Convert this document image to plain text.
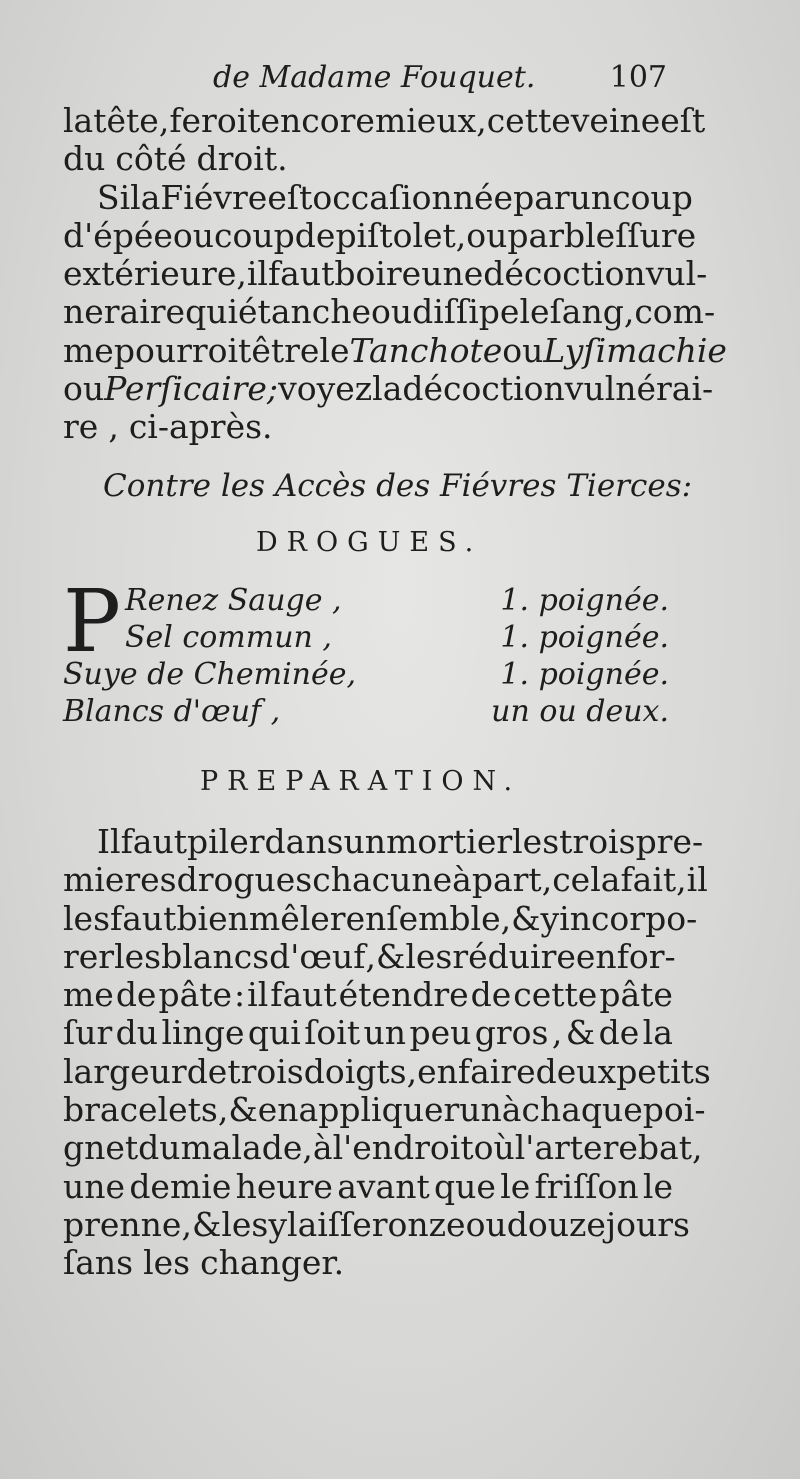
de Madame Fouquet. 107
la tête, feroit encore mieux, cette veine eſt
du côté droit.
Si la Fiévre eſt occaſionnée par un coup
d'épée ou coup de piſtolet, ou par bleſſure
extérieure, il faut boire une décoction vul-
neraire qui étanche ou diſſipe le ſang, com-
me pourroit être le Tanchote ou Lyſimachie
ou Perſicaire; voyez la décoction vulnérai-
re , ci-après.
Contre les Accès des Fiévres Tierces:
DROGUES.
P Renez Sauge ,	1. poignée.
Sel commun ,	1. poignée.
Suye de Cheminée,	1. poignée.
Blancs d'œuf ,	un ou deux.
PREPARATION.
Il faut piler dans un mortier les trois pre-
mieres drogues chacune à part, cela fait, il
les faut bien mêler enſemble, & y incorpo-
rer les blancs d'œuf , & les réduire en for-
me de pâte : il faut étendre de cette pâte
ſur du linge qui ſoit un peu gros , & de la
largeur de trois doigts, en faire deux petits
bracelets, & en appliquer un à chaque poi-
gnet du malade, à l'endroit où l'artere bat,
une demie heure avant que le friſſon le
prenne, & les y laiſſer onze ou douze jours
ſans les changer.
